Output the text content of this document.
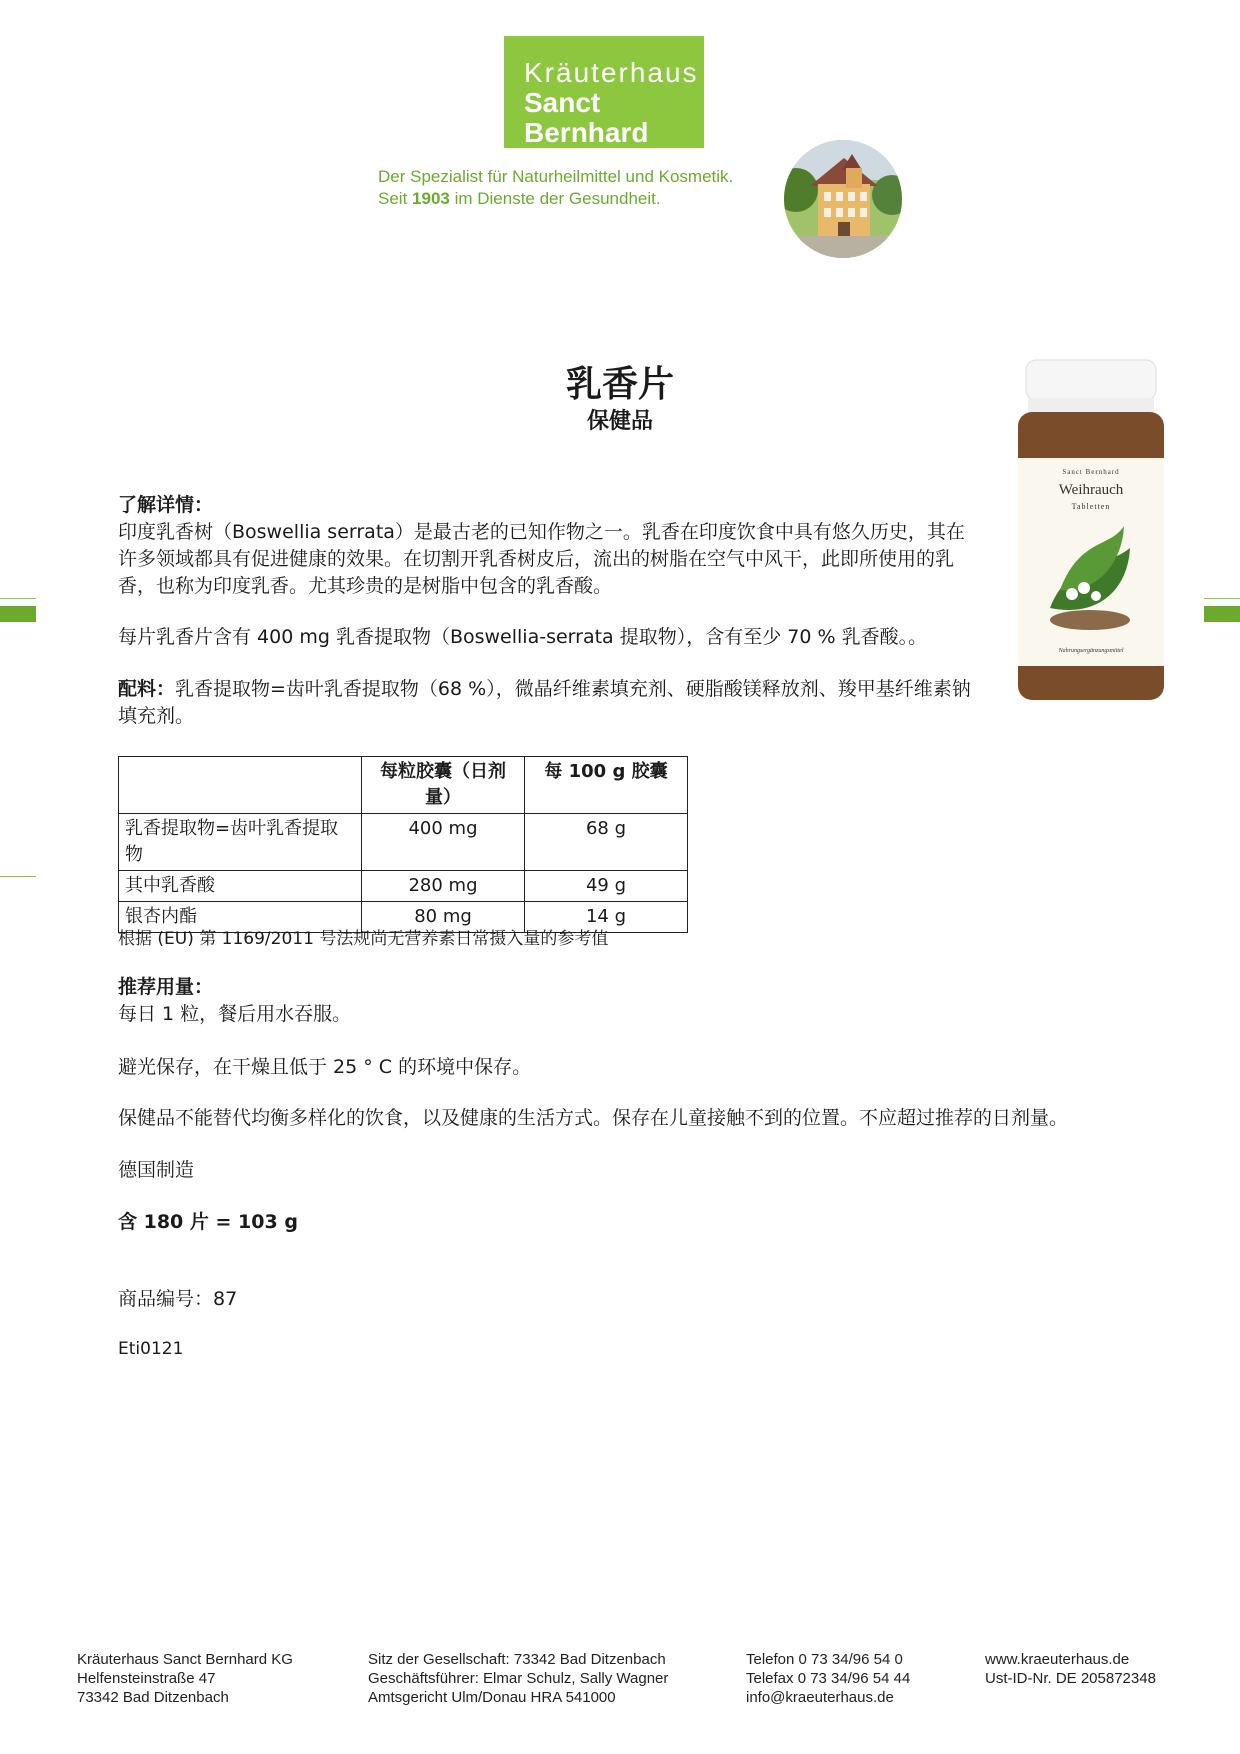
Kräuterhaus
Sanct Bernhard
Der Spezialist für Naturheilmittel und Kosmetik.
Seit 1903 im Dienste der Gesundheit.
乳香片
保健品
Sanct Bernhard
Weihrauch
Tabletten
Nahrungsergänzungsmittel
了解详情：
印度乳香树（Boswellia serrata）是最古老的已知作物之一。乳香在印度饮食中具有悠久历史，其在许多领域都具有促进健康的效果。在切割开乳香树皮后，流出的树脂在空气中风干，此即所使用的乳香，也称为印度乳香。尤其珍贵的是树脂中包含的乳香酸。
每片乳香片含有 400 mg 乳香提取物（Boswellia-serrata 提取物），含有至少 70 % 乳香酸。。
配料：乳香提取物=齿叶乳香提取物（68 %），微晶纤维素填充剂、硬脂酸镁释放剂、羧甲基纤维素钠填充剂。
	每粒胶囊（日剂量）	每 100 g 胶囊
乳香提取物=齿叶乳香提取物	400 mg	68 g
其中乳香酸	280 mg	49 g
银杏内酯	80 mg	14 g
根据 (EU) 第 1169/2011 号法规尚无营养素日常摄入量的参考值
推荐用量：
每日 1 粒，餐后用水吞服。
避光保存，在干燥且低于 25 ° C 的环境中保存。
保健品不能替代均衡多样化的饮食，以及健康的生活方式。保存在儿童接触不到的位置。不应超过推荐的日剂量。
德国制造
含 180 片 = 103 g
商品编号：87
Eti0121
Kräuterhaus Sanct Bernhard KG
Helfensteinstraße 47
73342 Bad Ditzenbach
Sitz der Gesellschaft: 73342 Bad Ditzenbach
Geschäftsführer: Elmar Schulz, Sally Wagner
Amtsgericht Ulm/Donau HRA 541000
Telefon 0 73 34/96 54 0
Telefax 0 73 34/96 54 44
info@kraeuterhaus.de
www.kraeuterhaus.de
Ust-ID-Nr. DE 205872348
